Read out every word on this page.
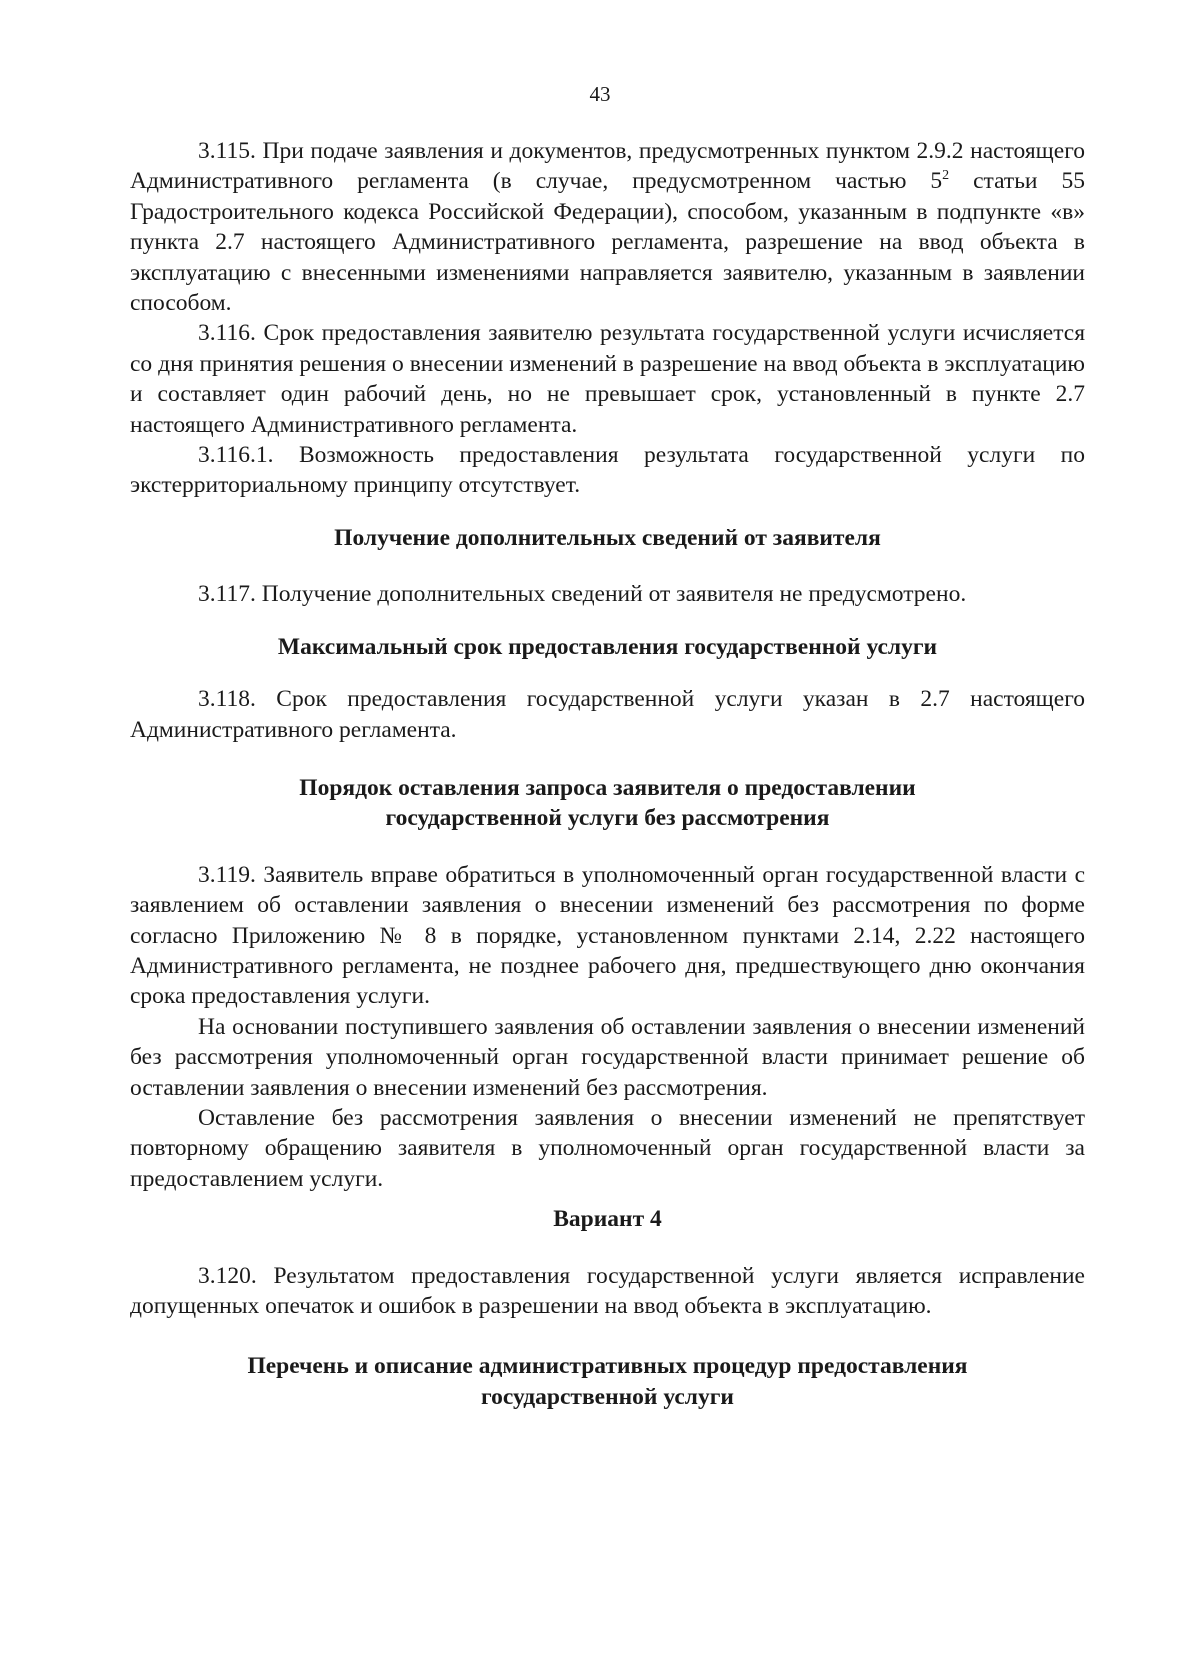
43

3.115. При подаче заявления и документов, предусмотренных пунктом 2.9.2 настоящего Административного регламента (в случае, предусмотренном частью $5^2$ статьи 55 Градостроительного кодекса Российской Федерации), способом, указанным в подпункте «в» пункта 2.7 настоящего Административного регламента, разрешение на ввод объекта в эксплуатацию с внесенными изменениями направляется заявителю, указанным в заявлении способом.

3.116. Срок предоставления заявителю результата государственной услуги исчисляется со дня принятия решения о внесении изменений в разрешение на ввод объекта в эксплуатацию и составляет один рабочий день, но не превышает срок, установленный в пункте 2.7 настоящего Административного регламента.

3.116.1. Возможность предоставления результата государственной услуги по экстерриториальному принципу отсутствует.

Получение дополнительных сведений от заявителя

3.117. Получение дополнительных сведений от заявителя не предусмотрено.

Максимальный срок предоставления государственной услуги

3.118. Срок предоставления государственной услуги указан в 2.7 настоящего Административного регламента.

Порядок оставления запроса заявителя о предоставлении
государственной услуги без рассмотрения

3.119. Заявитель вправе обратиться в уполномоченный орган государственной власти с заявлением об оставлении заявления о внесении изменений без рассмотрения по форме согласно Приложению № 8 в порядке, установленном пунктами 2.14, 2.22 настоящего Административного регламента, не позднее рабочего дня, предшествующего дню окончания срока предоставления услуги.

На основании поступившего заявления об оставлении заявления о внесении изменений без рассмотрения уполномоченный орган государственной власти принимает решение об оставлении заявления о внесении изменений без рассмотрения.

Оставление без рассмотрения заявления о внесении изменений не препятствует повторному обращению заявителя в уполномоченный орган государственной власти за предоставлением услуги.

Вариант 4

3.120. Результатом предоставления государственной услуги является исправление допущенных опечаток и ошибок в разрешении на ввод объекта в эксплуатацию.

Перечень и описание административных процедур предоставления
государственной услуги
